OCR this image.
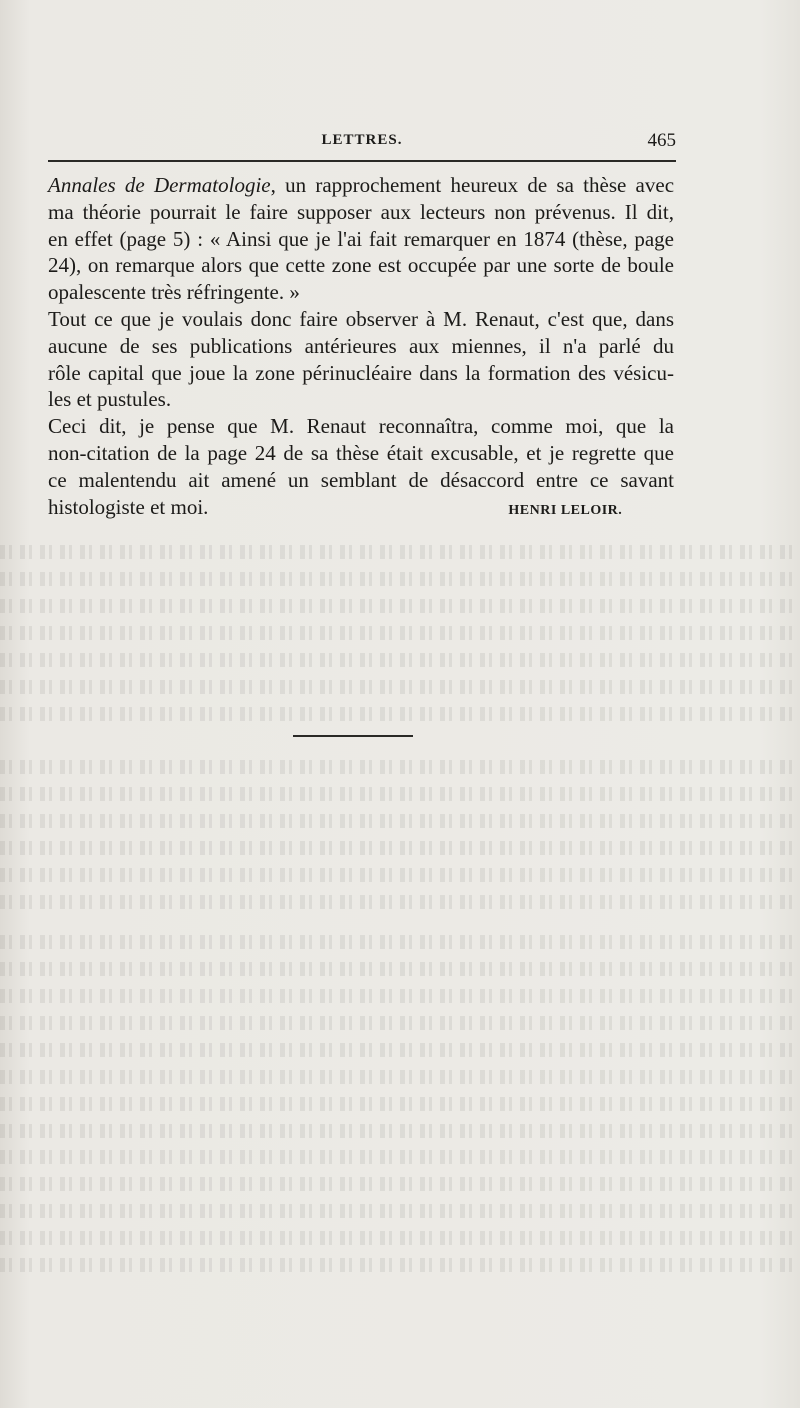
LETTRES.	465

Annales de Dermatologie, un rapprochement heureux de sa thèse avec

ma théorie pourrait le faire supposer aux lecteurs non prévenus. Il dit,

en effet (page 5) : « Ainsi que je l'ai fait remarquer en 1874 (thèse, page

24), on remarque alors que cette zone est occupée par une sorte de boule

opalescente très réfringente. »

Tout ce que je voulais donc faire observer à M. Renaut, c'est que, dans

aucune de ses publications antérieures aux miennes, il n'a parlé du

rôle capital que joue la zone périnucléaire dans la formation des vésicu-

les et pustules.

Ceci dit, je pense que M. Renaut reconnaîtra, comme moi, que la

non-citation de la page 24 de sa thèse était excusable, et je regrette que

ce malentendu ait amené un semblant de désaccord entre ce savant

histologiste et moi.	HENRI LELOIR.
